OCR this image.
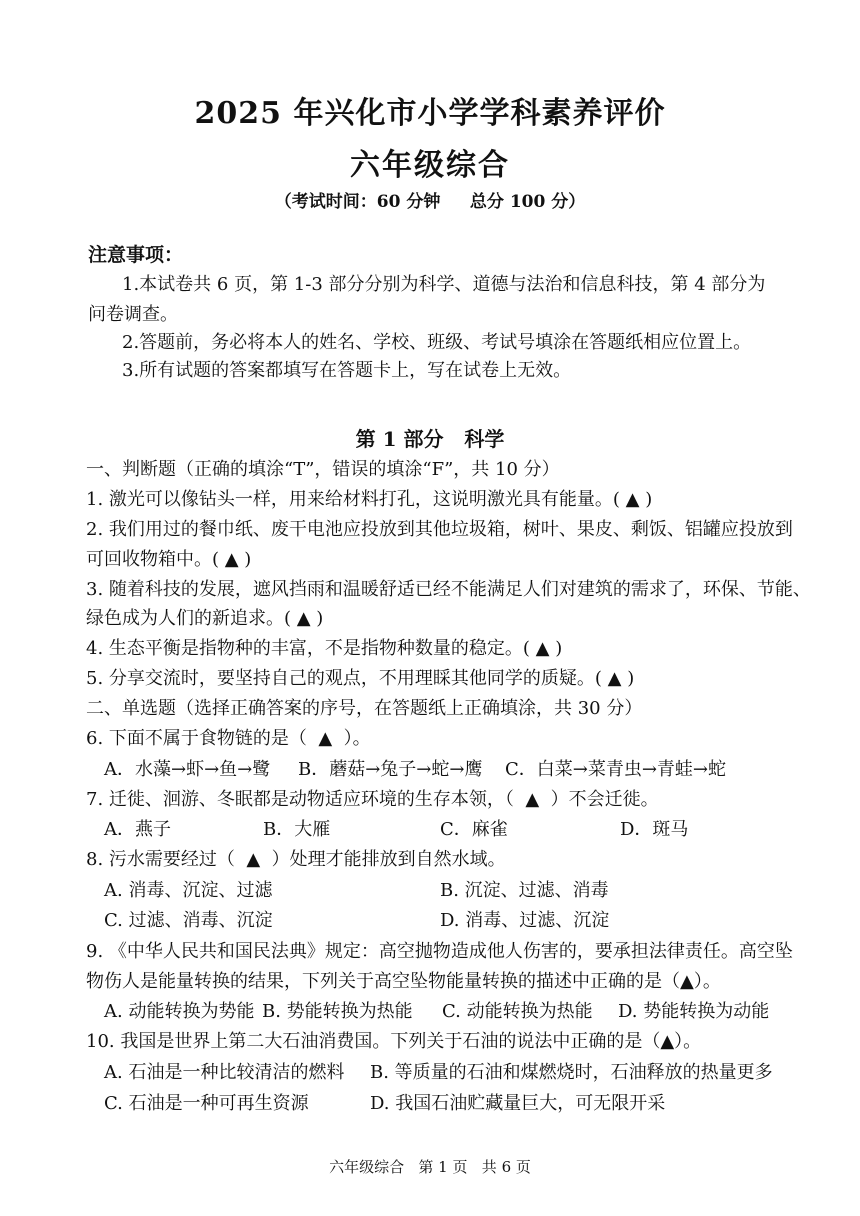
2025 年兴化市小学学科素养评价
六年级综合
（考试时间：60 分钟     总分 100 分）
注意事项：
1.本试卷共 6 页，第 1-3 部分分别为科学、道德与法治和信息科技，第 4 部分为问卷调查。
2.答题前，务必将本人的姓名、学校、班级、考试号填涂在答题纸相应位置上。
3.所有试题的答案都填写在答题卡上，写在试卷上无效。
第 1 部分   科学
一、判断题（正确的填涂“T”，错误的填涂“F”，共 10 分）
1. 激光可以像钻头一样，用来给材料打孔，这说明激光具有能量。( ▲ )
2. 我们用过的餐巾纸、废干电池应投放到其他垃圾箱，树叶、果皮、剩饭、铝罐应投放到
可回收物箱中。( ▲ )
3. 随着科技的发展，遮风挡雨和温暖舒适已经不能满足人们对建筑的需求了，环保、节能、
绿色成为人们的新追求。( ▲ )
4. 生态平衡是指物种的丰富，不是指物种数量的稳定。( ▲ )
5. 分享交流时，要坚持自己的观点，不用理睬其他同学的质疑。( ▲ )
二、单选题（选择正确答案的序号，在答题纸上正确填涂，共 30 分）
6. 下面不属于食物链的是（  ▲  ）。
A．水藻→虾→鱼→鹭 B．蘑菇→兔子→蛇→鹰 C．白菜→菜青虫→青蛙→蛇
7. 迁徙、洄游、冬眠都是动物适应环境的生存本领，（  ▲  ）不会迁徙。
A．燕子	B．大雁	C．麻雀	D．斑马
8. 污水需要经过（  ▲  ）处理才能排放到自然水域。
A. 消毒、沉淀、过滤	B. 沉淀、过滤、消毒
C. 过滤、消毒、沉淀	D. 消毒、过滤、沉淀
9. 《中华人民共和国民法典》规定：高空抛物造成他人伤害的，要承担法律责任。高空坠
物伤人是能量转换的结果，下列关于高空坠物能量转换的描述中正确的是（▲）。
A. 动能转换为势能 B. 势能转换为热能 C. 动能转换为热能 D. 势能转换为动能
10. 我国是世界上第二大石油消费国。下列关于石油的说法中正确的是（▲）。
A. 石油是一种比较清洁的燃料 B. 等质量的石油和煤燃烧时，石油释放的热量更多
C. 石油是一种可再生资源	D. 我国石油贮藏量巨大，可无限开采
六年级综合   第 1 页   共 6 页
